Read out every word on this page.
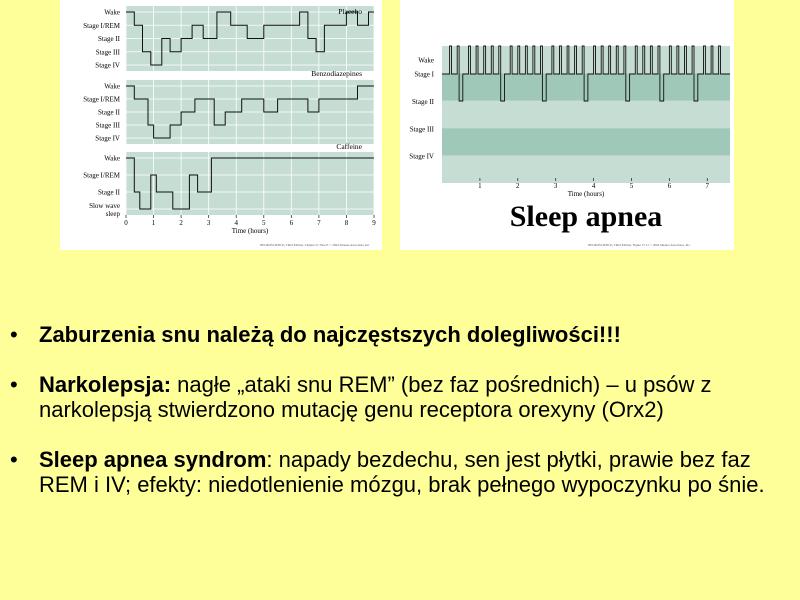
Wake
Stage I/REM
Stage II
Stage III
Stage IV
Placebo
Wake
Stage I/REM
Stage II
Stage III
Stage IV
Benzodiazepines
Wake
Stage I/REM
Stage II
Slow wave
sleep
Caffeine
0	1	2	3	4	5	6	7	8	9
Time (hours)
NEUROSCIENCE, Third Edition, Chapter 27, Box E © 2004 Sinauer Associates, Inc.
Wake
Stage I
Stage II
Stage III
Stage IV
1	2	3	4	5	6	7
Time (hours)
Sleep apnea
NEUROSCIENCE, Third Edition, Figure 27.11 © 2004 Sinauer Associates, Inc.
• Zaburzenia snu należą do najczęstszych dolegliwości!!!
• Narkolepsja: nagłe „ataki snu REM” (bez faz pośrednich) – u psów z narkolepsją stwierdzono mutację genu receptora orexyny (Orx2)
• Sleep apnea syndrom: napady bezdechu, sen jest płytki, prawie bez faz REM i IV; efekty: niedotlenienie mózgu, brak pełnego wypoczynku po śnie.
